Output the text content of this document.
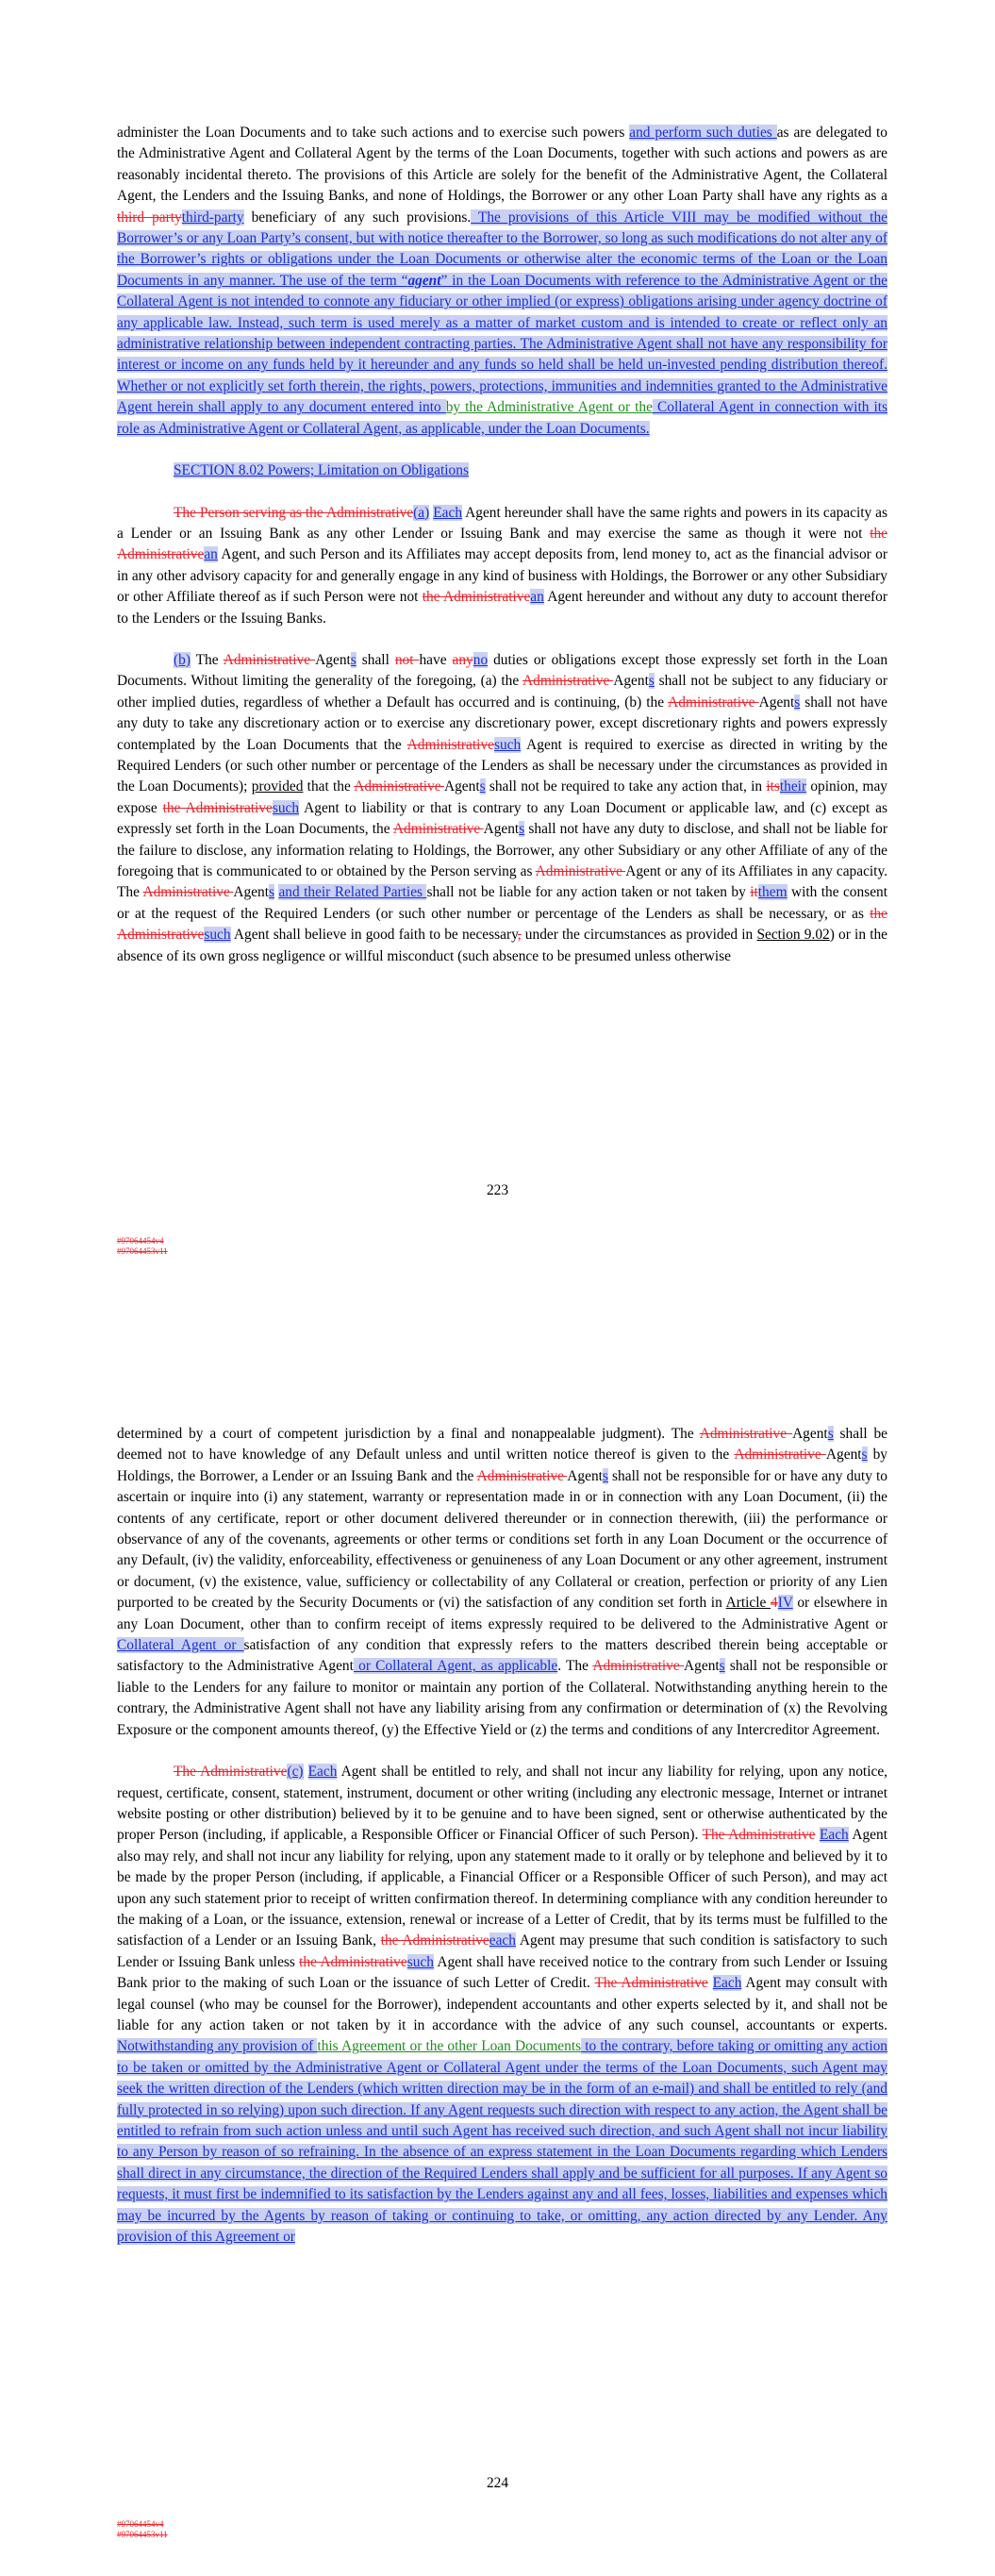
administer the Loan Documents and to take such actions and to exercise such powers and perform such duties as are delegated to the Administrative Agent and Collateral Agent by the terms of the Loan Documents, together with such actions and powers as are reasonably incidental thereto. The provisions of this Article are solely for the benefit of the Administrative Agent, the Collateral Agent, the Lenders and the Issuing Banks, and none of Holdings, the Borrower or any other Loan Party shall have any rights as a third partythird-party beneficiary of any such provisions. The provisions of this Article VIII may be modified without the Borrower’s or any Loan Party’s consent, but with notice thereafter to the Borrower, so long as such modifications do not alter any of the Borrower’s rights or obligations under the Loan Documents or otherwise alter the economic terms of the Loan or the Loan Documents in any manner. The use of the term “agent” in the Loan Documents with reference to the Administrative Agent or the Collateral Agent is not intended to connote any fiduciary or other implied (or express) obligations arising under agency doctrine of any applicable law. Instead, such term is used merely as a matter of market custom and is intended to create or reflect only an administrative relationship between independent contracting parties. The Administrative Agent shall not have any responsibility for interest or income on any funds held by it hereunder and any funds so held shall be held un-invested pending distribution thereof. Whether or not explicitly set forth therein, the rights, powers, protections, immunities and indemnities granted to the Administrative Agent herein shall apply to any document entered into by the Administrative Agent or the Collateral Agent in connection with its role as Administrative Agent or Collateral Agent, as applicable, under the Loan Documents.

SECTION 8.02 Powers; Limitation on Obligations

The Person serving as the Administrative(a) Each Agent hereunder shall have the same rights and powers in its capacity as a Lender or an Issuing Bank as any other Lender or Issuing Bank and may exercise the same as though it were not the Administrativean Agent, and such Person and its Affiliates may accept deposits from, lend money to, act as the financial advisor or in any other advisory capacity for and generally engage in any kind of business with Holdings, the Borrower or any other Subsidiary or other Affiliate thereof as if such Person were not the Administrativean Agent hereunder and without any duty to account therefor to the Lenders or the Issuing Banks.

(b) The Administrative Agents shall not have anyno duties or obligations except those expressly set forth in the Loan Documents. Without limiting the generality of the foregoing, (a) the Administrative Agents shall not be subject to any fiduciary or other implied duties, regardless of whether a Default has occurred and is continuing, (b) the Administrative Agents shall not have any duty to take any discretionary action or to exercise any discretionary power, except discretionary rights and powers expressly contemplated by the Loan Documents that the Administrativesuch Agent is required to exercise as directed in writing by the Required Lenders (or such other number or percentage of the Lenders as shall be necessary under the circumstances as provided in the Loan Documents); provided that the Administrative Agents shall not be required to take any action that, in itstheir opinion, may expose the Administrativesuch Agent to liability or that is contrary to any Loan Document or applicable law, and (c) except as expressly set forth in the Loan Documents, the Administrative Agents shall not have any duty to disclose, and shall not be liable for the failure to disclose, any information relating to Holdings, the Borrower, any other Subsidiary or any other Affiliate of any of the foregoing that is communicated to or obtained by the Person serving as Administrative Agent or any of its Affiliates in any capacity. The Administrative Agents and their Related Parties shall not be liable for any action taken or not taken by itthem with the consent or at the request of the Required Lenders (or such other number or percentage of the Lenders as shall be necessary, or as the Administrativesuch Agent shall believe in good faith to be necessary, under the circumstances as provided in Section 9.02) or in the absence of its own gross negligence or willful misconduct (such absence to be presumed unless otherwise

223
#97064454v4
#97064453v11

determined by a court of competent jurisdiction by a final and nonappealable judgment). The Administrative Agents shall be deemed not to have knowledge of any Default unless and until written notice thereof is given to the Administrative Agents by Holdings, the Borrower, a Lender or an Issuing Bank and the Administrative Agents shall not be responsible for or have any duty to ascertain or inquire into (i) any statement, warranty or representation made in or in connection with any Loan Document, (ii) the contents of any certificate, report or other document delivered thereunder or in connection therewith, (iii) the performance or observance of any of the covenants, agreements or other terms or conditions set forth in any Loan Document or the occurrence of any Default, (iv) the validity, enforceability, effectiveness or genuineness of any Loan Document or any other agreement, instrument or document, (v) the existence, value, sufficiency or collectability of any Collateral or creation, perfection or priority of any Lien purported to be created by the Security Documents or (vi) the satisfaction of any condition set forth in Article 4IV or elsewhere in any Loan Document, other than to confirm receipt of items expressly required to be delivered to the Administrative Agent or Collateral Agent or satisfaction of any condition that expressly refers to the matters described therein being acceptable or satisfactory to the Administrative Agent or Collateral Agent, as applicable. The Administrative Agents shall not be responsible or liable to the Lenders for any failure to monitor or maintain any portion of the Collateral. Notwithstanding anything herein to the contrary, the Administrative Agent shall not have any liability arising from any confirmation or determination of (x) the Revolving Exposure or the component amounts thereof, (y) the Effective Yield or (z) the terms and conditions of any Intercreditor Agreement.

The Administrative(c) Each Agent shall be entitled to rely, and shall not incur any liability for relying, upon any notice, request, certificate, consent, statement, instrument, document or other writing (including any electronic message, Internet or intranet website posting or other distribution) believed by it to be genuine and to have been signed, sent or otherwise authenticated by the proper Person (including, if applicable, a Responsible Officer or Financial Officer of such Person). The Administrative Each Agent also may rely, and shall not incur any liability for relying, upon any statement made to it orally or by telephone and believed by it to be made by the proper Person (including, if applicable, a Financial Officer or a Responsible Officer of such Person), and may act upon any such statement prior to receipt of written confirmation thereof. In determining compliance with any condition hereunder to the making of a Loan, or the issuance, extension, renewal or increase of a Letter of Credit, that by its terms must be fulfilled to the satisfaction of a Lender or an Issuing Bank, the Administrativeeach Agent may presume that such condition is satisfactory to such Lender or Issuing Bank unless the Administrativesuch Agent shall have received notice to the contrary from such Lender or Issuing Bank prior to the making of such Loan or the issuance of such Letter of Credit. The Administrative Each Agent may consult with legal counsel (who may be counsel for the Borrower), independent accountants and other experts selected by it, and shall not be liable for any action taken or not taken by it in accordance with the advice of any such counsel, accountants or experts. Notwithstanding any provision of this Agreement or the other Loan Documents to the contrary, before taking or omitting any action to be taken or omitted by the Administrative Agent or Collateral Agent under the terms of the Loan Documents, such Agent may seek the written direction of the Lenders (which written direction may be in the form of an e-mail) and shall be entitled to rely (and fully protected in so relying) upon such direction. If any Agent requests such direction with respect to any action, the Agent shall be entitled to refrain from such action unless and until such Agent has received such direction, and such Agent shall not incur liability to any Person by reason of so refraining. In the absence of an express statement in the Loan Documents regarding which Lenders shall direct in any circumstance, the direction of the Required Lenders shall apply and be sufficient for all purposes. If any Agent so requests, it must first be indemnified to its satisfaction by the Lenders against any and all fees, losses, liabilities and expenses which may be incurred by the Agents by reason of taking or continuing to take, or omitting, any action directed by any Lender. Any provision of this Agreement or

224
#97064454v4
#97064453v11
